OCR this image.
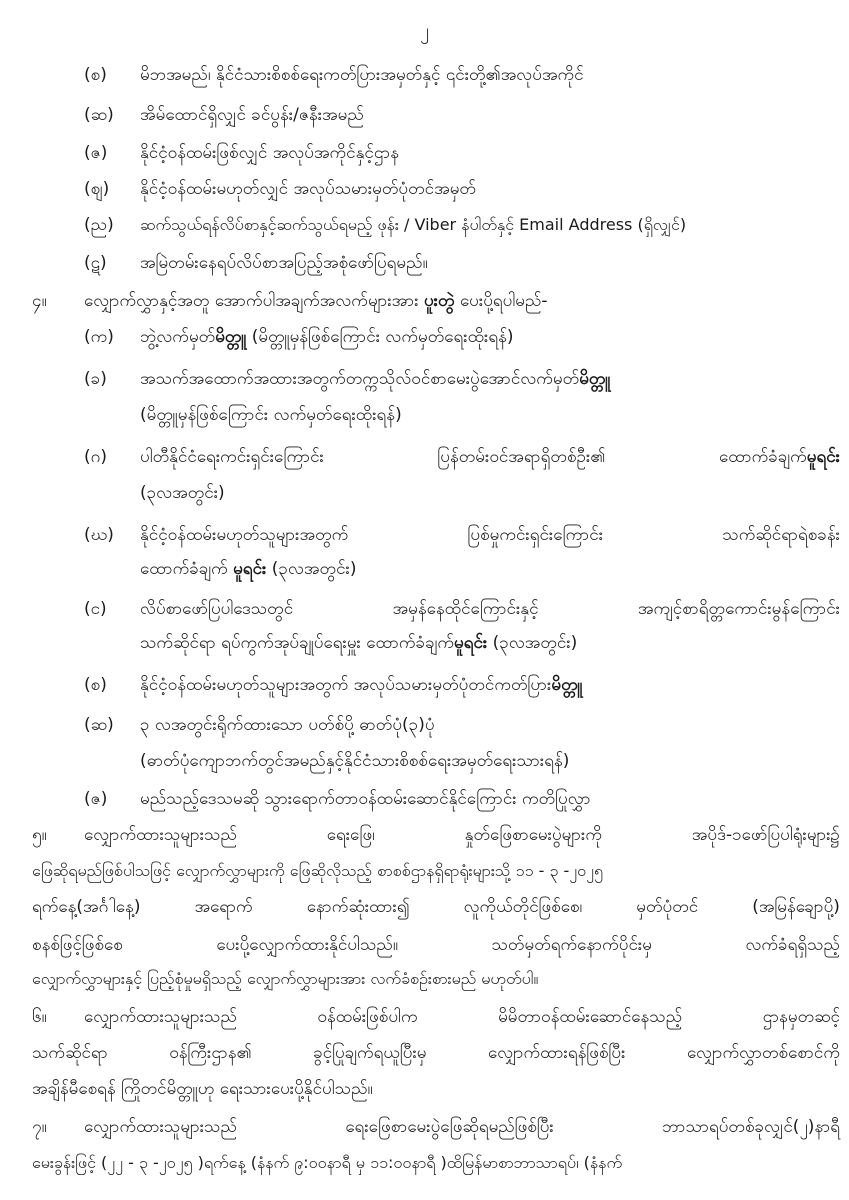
၂
(စ) မိဘအမည်၊ နိုင်ငံသားစိစစ်ရေးကတ်ပြားအမှတ်နှင့် ၎င်းတို့၏အလုပ်အကိုင်
(ဆ) အိမ်ထောင်ရှိလျှင် ခင်ပွန်း/ဇနီးအမည်
(ဇ) နိုင်ငံ့ဝန်ထမ်းဖြစ်လျှင် အလုပ်အကိုင်နှင့်ဌာန
(ဈ) နိုင်ငံ့ဝန်ထမ်းမဟုတ်လျှင် အလုပ်သမားမှတ်ပုံတင်အမှတ်
(ည) ဆက်သွယ်ရန်လိပ်စာနှင့်ဆက်သွယ်ရမည့် ဖုန်း / Viber နံပါတ်နှင့် Email Address (ရှိလျှင်)
(ဋ) အမြဲတမ်းနေရပ်လိပ်စာအပြည့်အစုံဖော်ပြရမည်။
၄။ လျှောက်လွှာနှင့်အတူ အောက်ပါအချက်အလက်များအား ပူးတွဲ ပေးပို့ရပါမည်-
(က) ဘွဲ့လက်မှတ်မိတ္တူ (မိတ္တူမှန်ဖြစ်ကြောင်း လက်မှတ်ရေးထိုးရန်)
(ခ) အသက်အထောက်အထားအတွက်တက္ကသိုလ်ဝင်စာမေးပွဲအောင်လက်မှတ်မိတ္တူ
(မိတ္တူမှန်ဖြစ်ကြောင်း လက်မှတ်ရေးထိုးရန်)
(ဂ) ပါတီနိုင်ငံရေးကင်းရှင်းကြောင်း	ပြန်တမ်းဝင်အရာရှိတစ်ဦး၏	ထောက်ခံချက်မူရင်း
(၃လအတွင်း)
(ဃ) နိုင်ငံ့ဝန်ထမ်းမဟုတ်သူများအတွက်	ပြစ်မှုကင်းရှင်းကြောင်း	သက်ဆိုင်ရာရဲစခန်း
ထောက်ခံချက် မူရင်း (၃လအတွင်း)
(င) လိပ်စာဖော်ပြပါဒေသတွင်	အမှန်နေထိုင်ကြောင်းနှင့်	အကျင့်စာရိတ္တကောင်းမွန်ကြောင်း
သက်ဆိုင်ရာ ရပ်ကွက်အုပ်ချုပ်ရေးမှူး ထောက်ခံချက်မူရင်း (၃လအတွင်း)
(စ) နိုင်ငံ့ဝန်ထမ်းမဟုတ်သူများအတွက် အလုပ်သမားမှတ်ပုံတင်ကတ်ပြားမိတ္တူ
(ဆ) ၃ လအတွင်းရိုက်ထားသော ပတ်စ်ပို့ ဓာတ်ပုံ(၃)ပုံ
(ဓာတ်ပုံကျောဘက်တွင်အမည်နှင့်နိုင်ငံသားစိစစ်ရေးအမှတ်ရေးသားရန်)
(ဇ) မည်သည့်ဒေသမဆို သွားရောက်တာဝန်ထမ်းဆောင်နိုင်ကြောင်း ကတိပြုလွှာ
၅။ လျှောက်ထားသူများသည်	ရေးဖြေ၊	နှုတ်ဖြေစာမေးပွဲများကို	အပိုဒ်-၁ဖော်ပြပါရုံးများ၌
ဖြေဆိုရမည်ဖြစ်ပါသဖြင့် လျှောက်လွှာများကို ဖြေဆိုလိုသည့် စာစစ်ဌာနရှိရာရုံးများသို့ ၁၁ - ၃ -၂၀၂၅
ရက်နေ့(အင်္ဂါနေ့)	အရောက်	နောက်ဆုံးထား၍	လူကိုယ်တိုင်ဖြစ်စေ၊	မှတ်ပုံတင်	(အမြန်ချောပို့)
စနစ်ဖြင့်ဖြစ်စေ	ပေးပို့လျှောက်ထားနိုင်ပါသည်။	သတ်မှတ်ရက်နောက်ပိုင်းမှ	လက်ခံရရှိသည့်
လျှောက်လွှာများနှင့် ပြည့်စုံမှုမရှိသည့် လျှောက်လွှာများအား လက်ခံစဉ်းစားမည် မဟုတ်ပါ။
၆။ လျှောက်ထားသူများသည်	ဝန်ထမ်းဖြစ်ပါက	မိမိတာဝန်ထမ်းဆောင်နေသည့်	ဌာနမှတဆင့်
သက်ဆိုင်ရာ	ဝန်ကြီးဌာန၏	ခွင့်ပြုချက်ရယူပြီးမှ	လျှောက်ထားရန်ဖြစ်ပြီး	လျှောက်လွှာတစ်စောင်ကို
အချိန်မီစေရန် ကြိုတင်မိတ္တူဟု ရေးသားပေးပို့နိုင်ပါသည်။
၇။ လျှောက်ထားသူများသည်	ရေးဖြေစာမေးပွဲဖြေဆိုရမည်ဖြစ်ပြီး	ဘာသာရပ်တစ်ခုလျှင်(၂)နာရီ
မေးခွန်းဖြင့် (၂၂ - ၃ -၂၀၂၅ )ရက်နေ့ (နံနက် ၉:၀၀နာရီ မှ ၁၁:၀၀နာရီ )ထိမြန်မာစာဘာသာရပ်၊ (နံနက်
